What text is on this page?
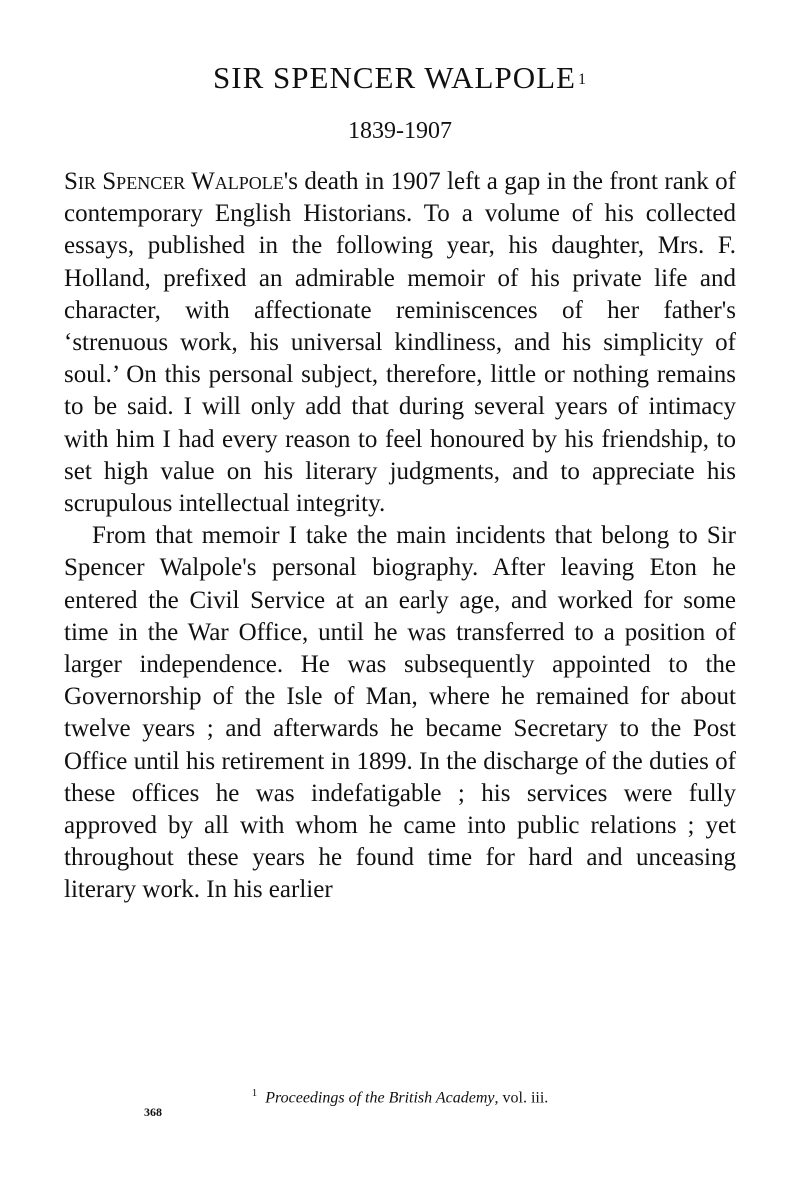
SIR SPENCER WALPOLE $^1$
1839-1907

Sir Spencer Walpole's death in 1907 left a gap in the front rank of contemporary English Historians. To a volume of his collected essays, published in the following year, his daughter, Mrs. F. Holland, prefixed an admirable memoir of his private life and character, with affectionate reminiscences of her father's ‘strenuous work, his universal kindliness, and his simplicity of soul.’ On this personal subject, therefore, little or nothing remains to be said. I will only add that during several years of intimacy with him I had every reason to feel honoured by his friendship, to set high value on his literary judgments, and to appreciate his scrupulous intellectual integrity.

From that memoir I take the main incidents that belong to Sir Spencer Walpole's personal biography. After leaving Eton he entered the Civil Service at an early age, and worked for some time in the War Office, until he was transferred to a position of larger independence. He was subsequently appointed to the Governorship of the Isle of Man, where he remained for about twelve years ; and afterwards he became Secretary to the Post Office until his retirement in 1899. In the discharge of the duties of these offices he was indefatigable ; his services were fully approved by all with whom he came into public relations ; yet throughout these years he found time for hard and unceasing literary work. In his earlier

$^1$ Proceedings of the British Academy, vol. iii.
368
